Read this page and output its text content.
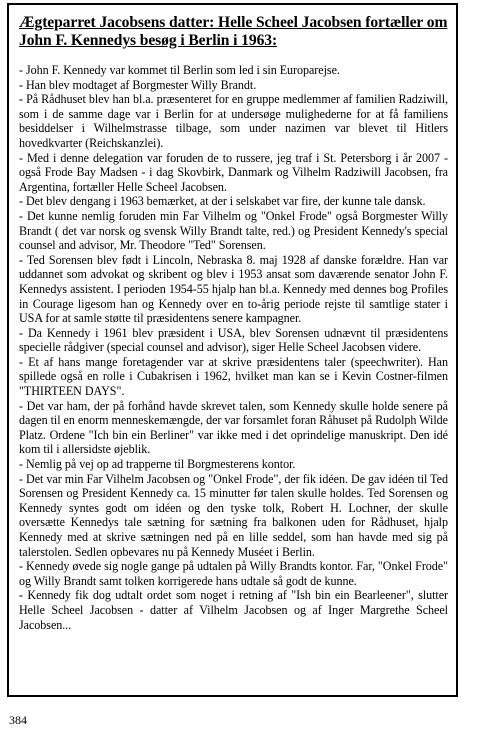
Ægteparret Jacobsens datter: Helle Scheel Jacobsen fortæller om John F. Kennedys besøg i Berlin i 1963:

- John F. Kennedy var kommet til Berlin som led i sin Europarejse.

- Han blev modtaget af Borgmester Willy Brandt.

- På Rådhuset blev han bl.a. præsenteret for en gruppe medlemmer af familien Radziwill, som i de samme dage var i Berlin for at undersøge mulighederne for at få familiens besiddelser i Wilhelmstrasse tilbage, som under nazimen var blevet til Hitlers hovedkvarter (Reichskanzlei).

- Med i denne delegation var foruden de to russere, jeg traf i St. Petersborg i år 2007 - også Frode Bay Madsen - i dag Skovbirk, Danmark og Vilhelm Radziwill Jacobsen, fra Argentina, fortæller Helle Scheel Jacobsen.

- Det blev dengang i 1963 bemærket, at der i selskabet var fire, der kunne tale dansk.

- Det kunne nemlig foruden min Far Vilhelm og "Onkel Frode" også Borgmester Willy Brandt ( det var norsk og svensk Willy Brandt talte, red.) og President Kennedy's special counsel and advisor, Mr. Theodore "Ted" Sorensen.

- Ted Sorensen blev født i Lincoln, Nebraska 8. maj 1928 af danske forældre. Han var uddannet som advokat og skribent og blev i 1953 ansat som daværende senator John F. Kennedys assistent. I perioden 1954-55 hjalp han bl.a. Kennedy med dennes bog Profiles in Courage ligesom han og Kennedy over en to-årig periode rejste til samtlige stater i USA for at samle støtte til præsidentens senere kampagner.

- Da Kennedy i 1961 blev præsident i USA, blev Sorensen udnævnt til præsidentens specielle rådgiver (special counsel and advisor), siger Helle Scheel Jacobsen videre.

- Et af hans mange foretagender var at skrive præsidentens taler (speechwriter). Han spillede også en rolle i Cubakrisen i 1962, hvilket man kan se i Kevin Costner-filmen "THIRTEEN DAYS".

- Det var ham, der på forhånd havde skrevet talen, som Kennedy skulle holde senere på dagen til en enorm menneskemængde, der var forsamlet foran Råhuset på Rudolph Wilde Platz. Ordene "Ich bin ein Berliner" var ikke med i det oprindelige manuskript. Den idé kom til i allersidste øjeblik.

- Nemlig på vej op ad trapperne til Borgmesterens kontor.

- Det var min Far Vilhelm Jacobsen og "Onkel Frode", der fik idéen. De gav idéen til Ted Sorensen og President Kennedy ca. 15 minutter før talen skulle holdes. Ted Sorensen og Kennedy syntes godt om idéen og den tyske tolk, Robert H. Lochner, der skulle oversætte Kennedys tale sætning for sætning fra balkonen uden for Rådhuset, hjalp Kennedy med at skrive sætningen ned på en lille seddel, som han havde med sig på talerstolen. Sedlen opbevares nu på Kennedy Muséet i Berlin.

- Kennedy øvede sig nogle gange på udtalen på Willy Brandts kontor. Far, "Onkel Frode" og Willy Brandt samt tolken korrigerede hans udtale så godt de kunne.

- Kennedy fik dog udtalt ordet som noget i retning af "Ish bin ein Bearleener", slutter Helle Scheel Jacobsen - datter af Vilhelm Jacobsen og af Inger Margrethe Scheel Jacobsen...

384
